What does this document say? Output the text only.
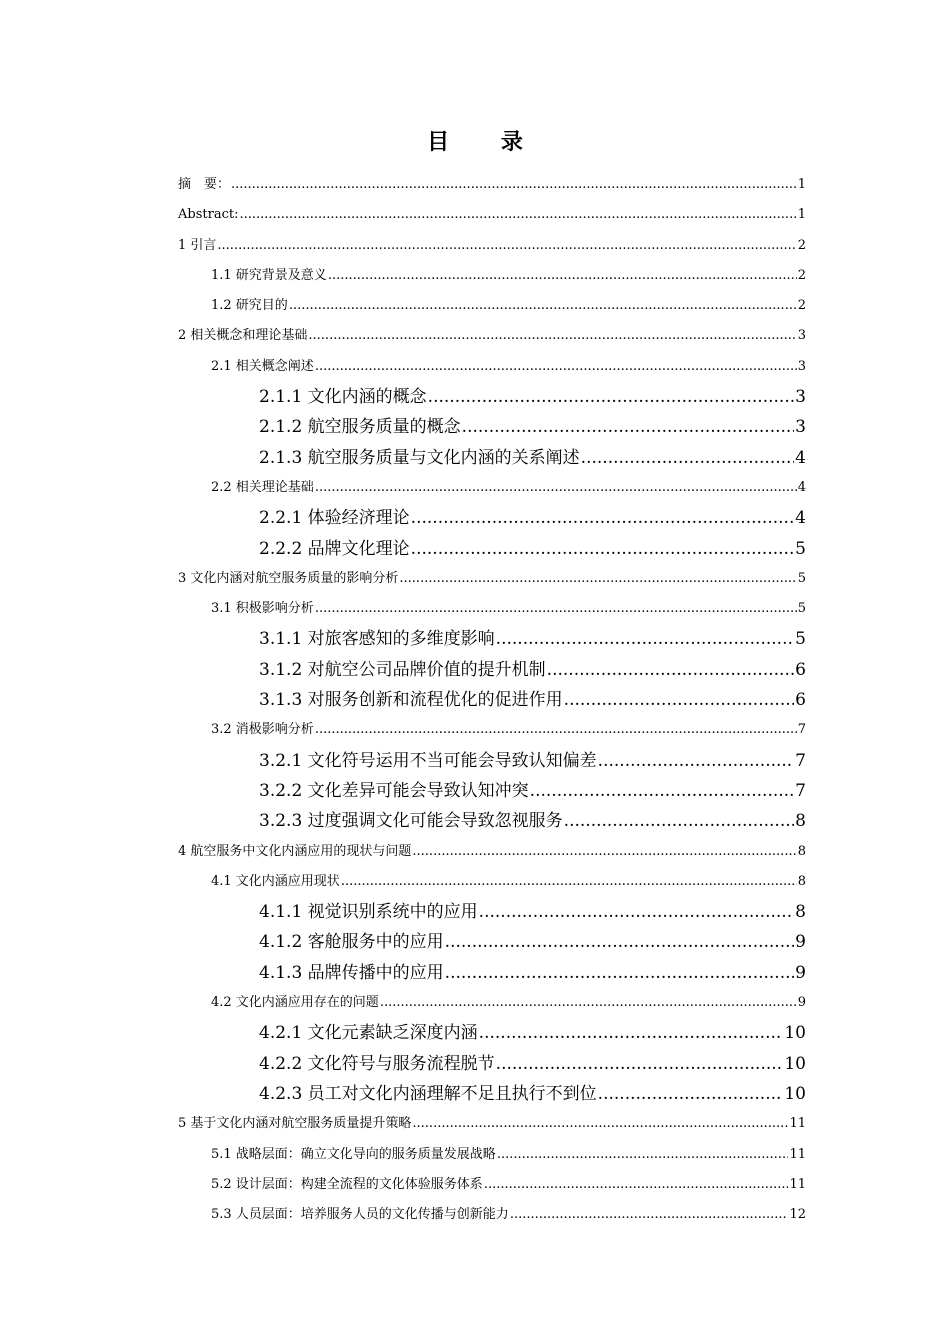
目 录
摘　要： .....	1
Abstract: .....	1
1 引言 .....	2
1.1 研究背景及意义 .....	2
1.2 研究目的 .....	2
2 相关概念和理论基础 .....	3
2.1 相关概念阐述 .....	3
2.1.1 文化内涵的概念 .....	3
2.1.2 航空服务质量的概念 .....	3
2.1.3 航空服务质量与文化内涵的关系阐述 .....	4
2.2 相关理论基础 .....	4
2.2.1 体验经济理论 .....	4
2.2.2 品牌文化理论 .....	5
3 文化内涵对航空服务质量的影响分析 .....	5
3.1 积极影响分析 .....	5
3.1.1 对旅客感知的多维度影响 .....	5
3.1.2 对航空公司品牌价值的提升机制 .....	6
3.1.3 对服务创新和流程优化的促进作用 .....	6
3.2 消极影响分析 .....	7
3.2.1 文化符号运用不当可能会导致认知偏差 .....	7
3.2.2 文化差异可能会导致认知冲突 .....	7
3.2.3 过度强调文化可能会导致忽视服务 .....	8
4 航空服务中文化内涵应用的现状与问题 .....	8
4.1 文化内涵应用现状 .....	8
4.1.1 视觉识别系统中的应用 .....	8
4.1.2 客舱服务中的应用 .....	9
4.1.3 品牌传播中的应用 .....	9
4.2 文化内涵应用存在的问题 .....	9
4.2.1 文化元素缺乏深度内涵 .....	10
4.2.2 文化符号与服务流程脱节 .....	10
4.2.3 员工对文化内涵理解不足且执行不到位 .....	10
5 基于文化内涵对航空服务质量提升策略 .....	11
5.1 战略层面：确立文化导向的服务质量发展战略 .....	11
5.2 设计层面：构建全流程的文化体验服务体系 .....	11
5.3 人员层面：培养服务人员的文化传播与创新能力 .....	12
